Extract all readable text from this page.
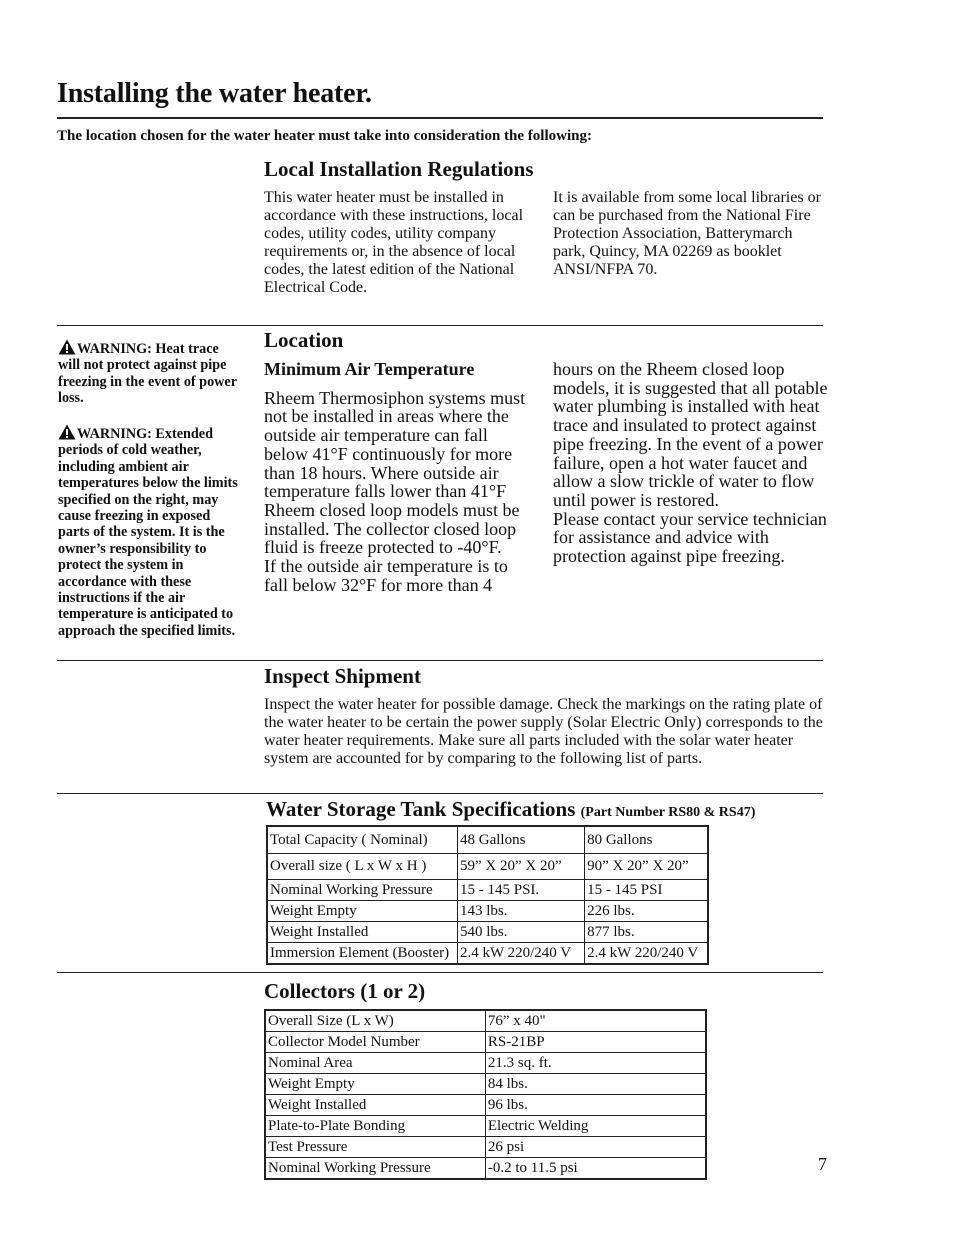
Installing the water heater.
The location chosen for the water heater must take into consideration the following:
Local Installation Regulations

This water heater must be installed in accordance with these instructions, local codes, utility codes, utility company requirements or, in the absence of local codes, the latest edition of the National Electrical Code.

It is available from some local libraries or can be purchased from the National Fire Protection Association, Batterymarch park, Quincy, MA 02269 as booklet ANSI/NFPA 70.

WARNING: Heat trace will not protect against pipe freezing in the event of power loss.
WARNING: Extended periods of cold weather, including ambient air temperatures below the limits specified on the right, may cause freezing in exposed parts of the system. It is the owner’s responsibility to protect the system in accordance with these instructions if the air temperature is anticipated to approach the specified limits.
Location
Minimum Air Temperature

Rheem Thermosiphon systems must not be installed in areas where the outside air temperature can fall below 41°F continuously for more than 18 hours. Where outside air temperature falls lower than 41°F Rheem closed loop models must be installed. The collector closed loop fluid is freeze protected to -40°F.

If the outside air temperature is to fall below 32°F for more than 4

hours on the Rheem closed loop models, it is suggested that all potable water plumbing is installed with heat trace and insulated to protect against pipe freezing. In the event of a power failure, open a hot water faucet and allow a slow trickle of water to flow until power is restored.

Please contact your service technician for assistance and advice with protection against pipe freezing.

Inspect Shipment

Inspect the water heater for possible damage. Check the markings on the rating plate of the water heater to be certain the power supply (Solar Electric Only) corresponds to the water heater requirements. Make sure all parts included with the solar water heater system are accounted for by comparing to the following list of parts.

Water Storage Tank Specifications (Part Number RS80 & RS47)
Total Capacity ( Nominal)	48 Gallons	80 Gallons
Overall size ( L x W x H )	59” X 20” X 20”	90” X 20” X 20”
Nominal Working Pressure	15 - 145 PSI.	15 - 145 PSI
Weight Empty	143 lbs.	226 lbs.
Weight Installed	540 lbs.	877 lbs.
Immersion Element (Booster)	2.4 kW 220/240 V	2.4 kW 220/240 V
Collectors (1 or 2)
Overall Size (L x W)	76” x 40"
Collector Model Number	RS-21BP
Nominal Area	21.3 sq. ft.
Weight Empty	84 lbs.
Weight Installed	96 lbs.
Plate-to-Plate Bonding	Electric Welding
Test Pressure	26 psi
Nominal Working Pressure	-0.2 to 11.5 psi	7
